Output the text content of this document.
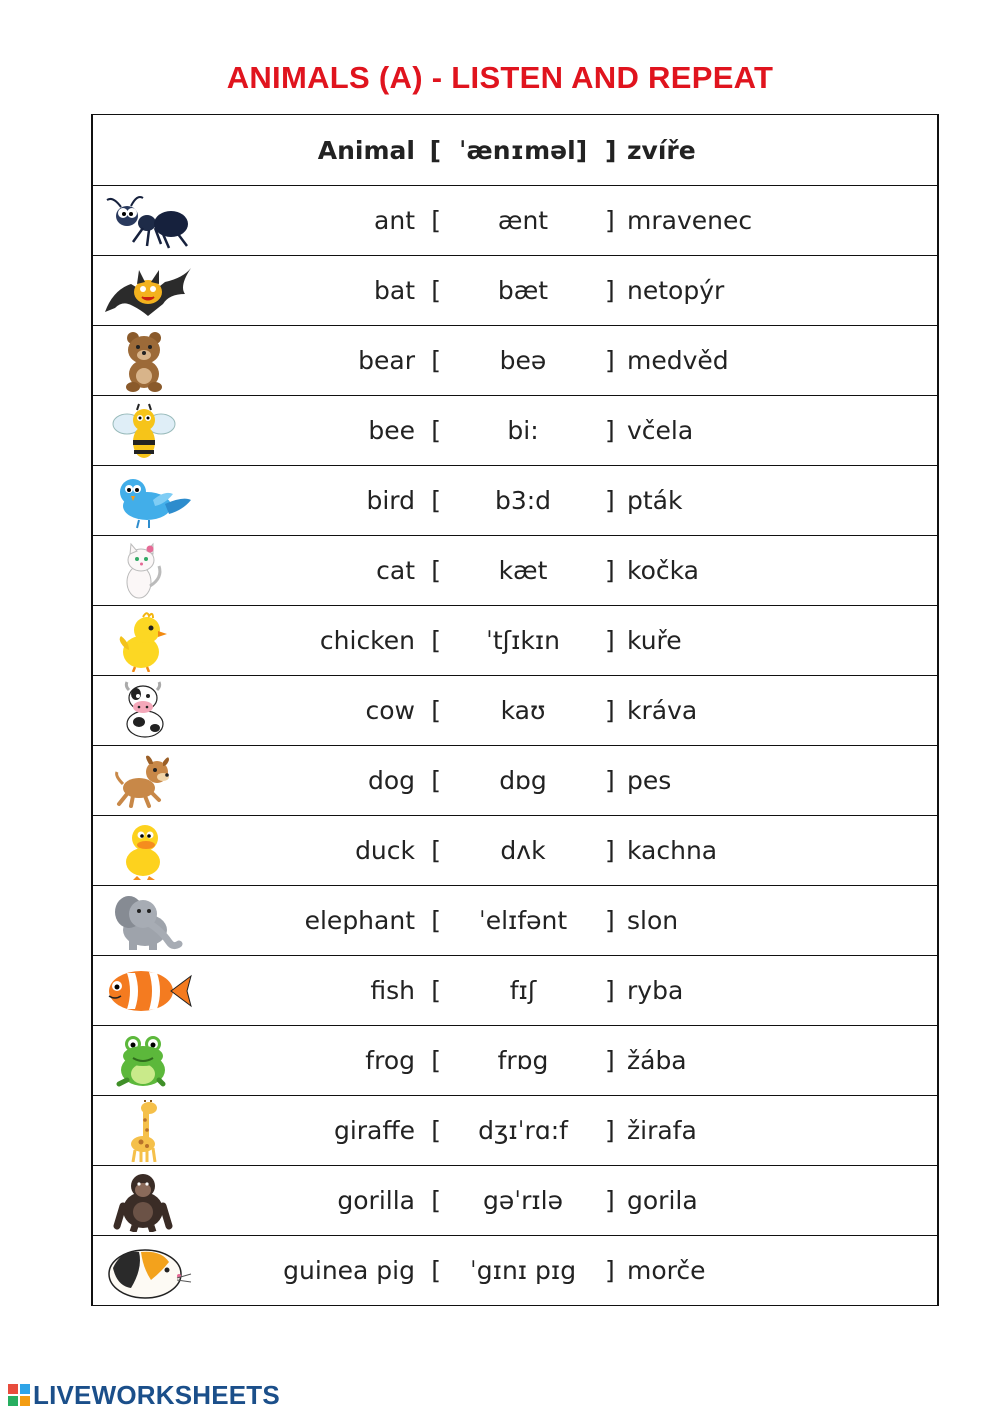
ANIMALS (A) - LISTEN AND REPEAT
	Animal	[	ˈænɪməl]	]	zvíře

	ant	[	ænt	]	mravenec

	bat	[	bæt	]	netopýr

	bear	[	beə	]	medvěd

	bee	[	bi:	]	včela

	bird	[	b3:d	]	pták

	cat	[	kæt	]	kočka

	chicken	[	ˈtʃɪkɪn	]	kuře

	cow	[	kaʊ	]	kráva

	dog	[	dɒg	]	pes

	duck	[	dʌk	]	kachna

	elephant	[	ˈelɪfənt	]	slon

	fish	[	fɪʃ	]	ryba

	frog	[	frɒg	]	žába

	giraffe	[	dʒɪˈrɑ:f	]	žirafa

	gorilla	[	gəˈrɪlə	]	gorila

	guinea pig	[	ˈgɪnɪ pɪg	]	morče
LIVEWORKSHEETS
